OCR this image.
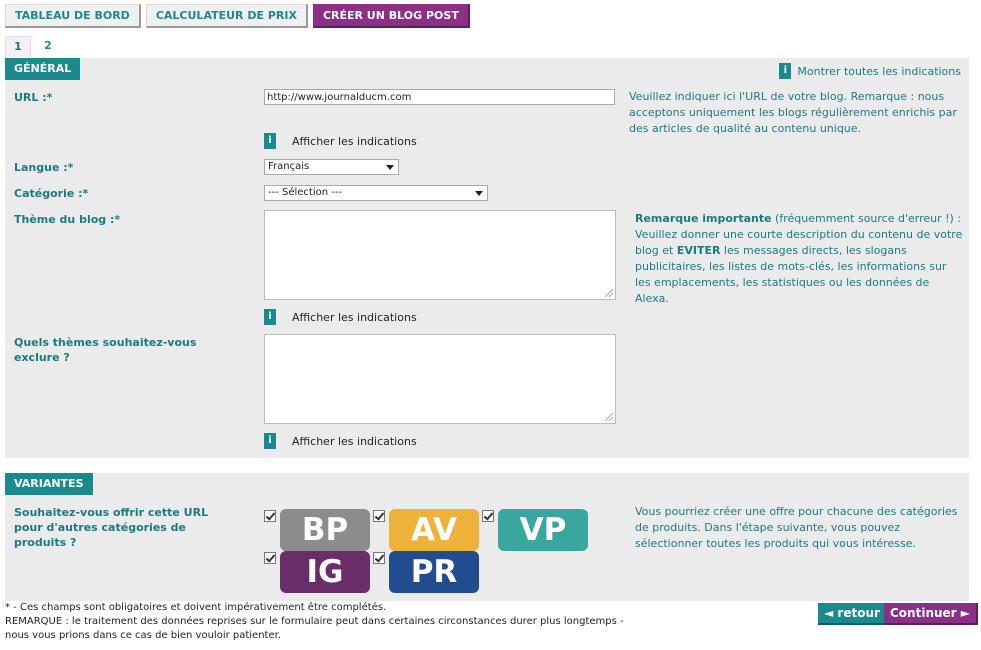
TABLEAU DE BORD	CALCULATEUR DE PRIX	CRÉER UN BLOG POST
1	2
GÉNÉRAL	i Montrer toutes les indications
URL :*
http://www.journalducm.com	Veuillez indiquer ici l'URL de votre blog. Remarque : nous acceptons uniquement les blogs régulièrement enrichis par des articles de qualité au contenu unique.
i	Afficher les indications
Langue :*	Français
Catégorie :*	--- Sélection ---
Thème du blog :*	Remarque importante (fréquemment source d'erreur !) :
Veuillez donner une courte description du contenu de votre blog et EVITER les messages directs, les slogans publicitaires, les listes de mots-clés, les informations sur les emplacements, les statistiques ou les données de Alexa.
i	Afficher les indications
Quels thèmes souhaitez-vous exclure ?
i	Afficher les indications
VARIANTES
Souhaitez-vous offrir cette URL pour d'autres catégories de produits ?	BP	AV	VP
IG	PR
Vous pourriez créer une offre pour chacune des catégories de produits. Dans l'étape suivante, vous pouvez sélectionner toutes les produits qui vous intéresse.
* - Ces champs sont obligatoires et doivent impérativement être complétés.
REMARQUE : le traitement des données reprises sur le formulaire peut dans certaines circonstances durer plus longtemps - nous vous prions dans ce cas de bien vouloir patienter.
◄ retour Continuer ►
